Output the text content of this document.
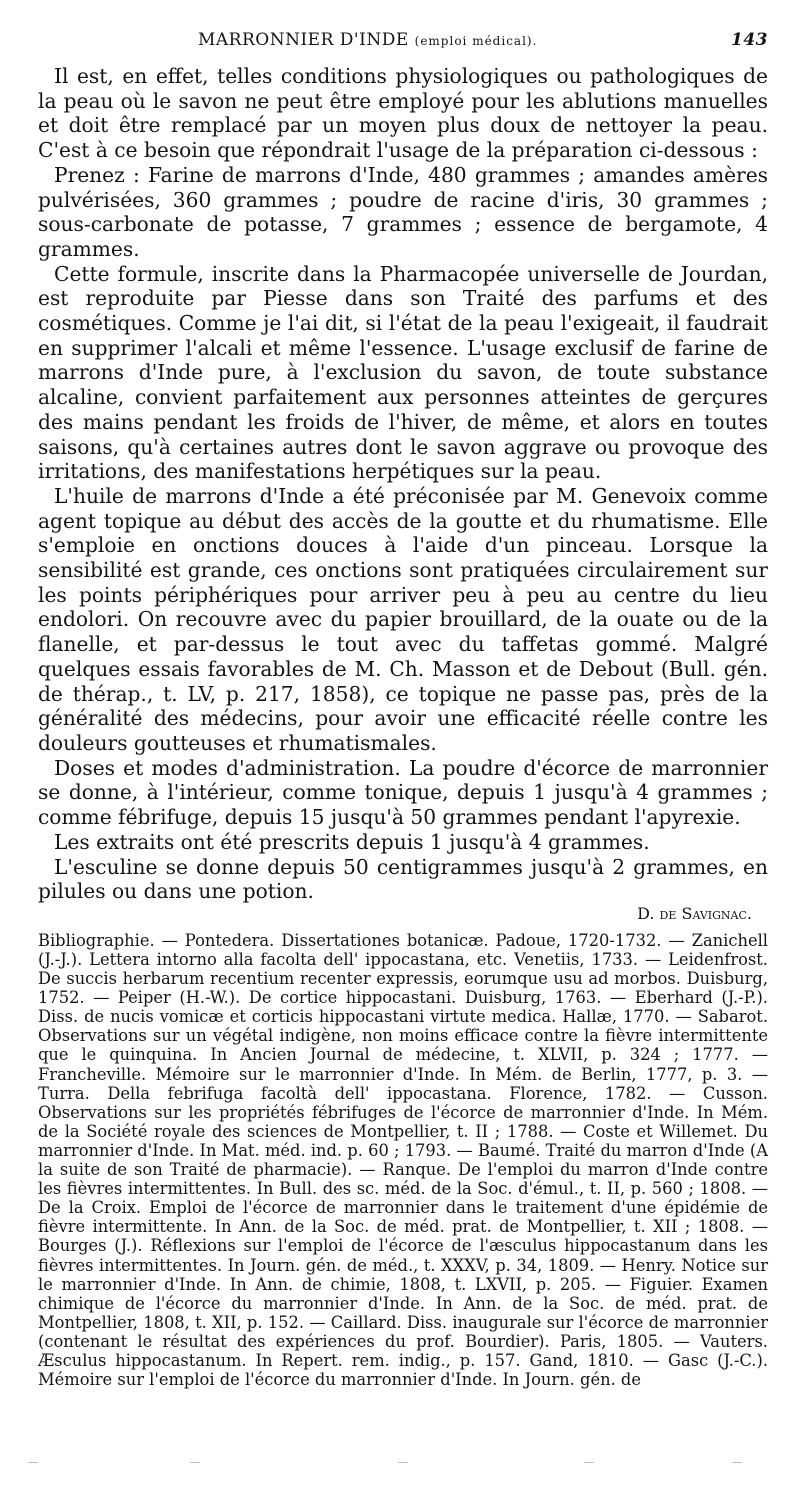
MARRONNIER D'INDE (emploi médical).	143

Il est, en effet, telles conditions physiologiques ou pathologiques de la peau où le savon ne peut être employé pour les ablutions manuelles et doit être remplacé par un moyen plus doux de nettoyer la peau. C'est à ce besoin que répondrait l'usage de la préparation ci-dessous :

Prenez : Farine de marrons d'Inde, 480 grammes ; amandes amères pulvérisées, 360 grammes ; poudre de racine d'iris, 30 grammes ; sous-carbonate de potasse, 7 grammes ; essence de bergamote, 4 grammes.

Cette formule, inscrite dans la Pharmacopée universelle de Jourdan, est reproduite par Piesse dans son Traité des parfums et des cosmétiques. Comme je l'ai dit, si l'état de la peau l'exigeait, il faudrait en supprimer l'alcali et même l'essence. L'usage exclusif de farine de marrons d'Inde pure, à l'exclusion du savon, de toute substance alcaline, convient parfaitement aux personnes atteintes de gerçures des mains pendant les froids de l'hiver, de même, et alors en toutes saisons, qu'à certaines autres dont le savon aggrave ou provoque des irritations, des manifestations herpétiques sur la peau.

L'huile de marrons d'Inde a été préconisée par M. Genevoix comme agent topique au début des accès de la goutte et du rhumatisme. Elle s'emploie en onctions douces à l'aide d'un pinceau. Lorsque la sensibilité est grande, ces onctions sont pratiquées circulairement sur les points périphériques pour arriver peu à peu au centre du lieu endolori. On recouvre avec du papier brouillard, de la ouate ou de la flanelle, et par-dessus le tout avec du taffetas gommé. Malgré quelques essais favorables de M. Ch. Masson et de Debout (Bull. gén. de thérap., t. LV, p. 217, 1858), ce topique ne passe pas, près de la généralité des médecins, pour avoir une efficacité réelle contre les douleurs goutteuses et rhumatismales.

Doses et modes d'administration. La poudre d'écorce de marronnier se donne, à l'intérieur, comme tonique, depuis 1 jusqu'à 4 grammes ; comme fébrifuge, depuis 15 jusqu'à 50 grammes pendant l'apyrexie.

Les extraits ont été prescrits depuis 1 jusqu'à 4 grammes.

L'esculine se donne depuis 50 centigrammes jusqu'à 2 grammes, en pilules ou dans une potion.

D. de Savignac.
Bibliographie. — Pontedera. Dissertationes botanicæ. Padoue, 1720-1732. — Zanichell (J.-J.). Lettera intorno alla facolta dell' ippocastana, etc. Venetiis, 1733. — Leidenfrost. De succis herbarum recentium recenter expressis, eorumque usu ad morbos. Duisburg, 1752. — Peiper (H.-W.). De cortice hippocastani. Duisburg, 1763. — Eberhard (J.-P.). Diss. de nucis vomicæ et corticis hippocastani virtute medica. Hallæ, 1770. — Sabarot. Observations sur un végétal indigène, non moins efficace contre la fièvre intermittente que le quinquina. In Ancien Journal de médecine, t. XLVII, p. 324 ; 1777. — Francheville. Mémoire sur le marronnier d'Inde. In Mém. de Berlin, 1777, p. 3. — Turra. Della febrifuga facoltà dell' ippocastana. Florence, 1782. — Cusson. Observations sur les propriétés fébrifuges de l'écorce de marronnier d'Inde. In Mém. de la Société royale des sciences de Montpellier, t. II ; 1788. — Coste et Willemet. Du marronnier d'Inde. In Mat. méd. ind. p. 60 ; 1793. — Baumé. Traité du marron d'Inde (A la suite de son Traité de pharmacie). — Ranque. De l'emploi du marron d'Inde contre les fièvres intermittentes. In Bull. des sc. méd. de la Soc. d'émul., t. II, p. 560 ; 1808. — De la Croix. Emploi de l'écorce de marronnier dans le traitement d'une épidémie de fièvre intermittente. In Ann. de la Soc. de méd. prat. de Montpellier, t. XII ; 1808. — Bourges (J.). Réflexions sur l'emploi de l'écorce de l'æsculus hippocastanum dans les fièvres intermittentes. In Journ. gén. de méd., t. XXXV, p. 34, 1809. — Henry. Notice sur le marronnier d'Inde. In Ann. de chimie, 1808, t. LXVII, p. 205. — Figuier. Examen chimique de l'écorce du marronnier d'Inde. In Ann. de la Soc. de méd. prat. de Montpellier, 1808, t. XII, p. 152. — Caillard. Diss. inaugurale sur l'écorce de marronnier (contenant le résultat des expériences du prof. Bourdier). Paris, 1805. — Vauters. Æsculus hippocastanum. In Repert. rem. indig., p. 157. Gand, 1810. — Gasc (J.-C.). Mémoire sur l'emploi de l'écorce du marronnier d'Inde. In Journ. gén. de
